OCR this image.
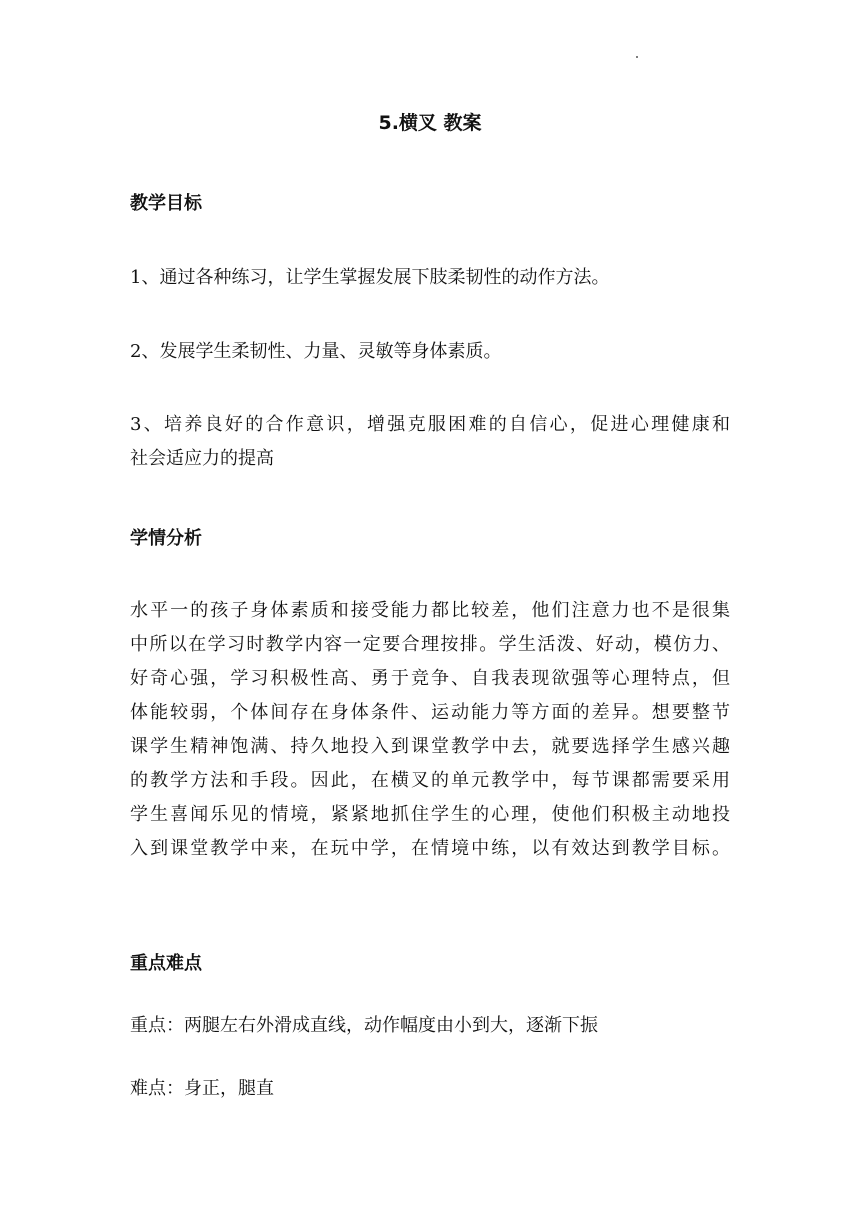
5.横叉 教案
教学目标
1、通过各种练习，让学生掌握发展下肢柔韧性的动作方法。
2、发展学生柔韧性、力量、灵敏等身体素质。
3、培养良好的合作意识，增强克服困难的自信心，促进心理健康和
社会适应力的提高
学情分析
水平一的孩子身体素质和接受能力都比较差，他们注意力也不是很集
中所以在学习时教学内容一定要合理按排。学生活泼、好动，模仿力、
好奇心强，学习积极性高、勇于竞争、自我表现欲强等心理特点，但
体能较弱，个体间存在身体条件、运动能力等方面的差异。想要整节
课学生精神饱满、持久地投入到课堂教学中去，就要选择学生感兴趣
的教学方法和手段。因此，在横叉的单元教学中，每节课都需要采用
学生喜闻乐见的情境，紧紧地抓住学生的心理，使他们积极主动地投
入到课堂教学中来，在玩中学，在情境中练，以有效达到教学目标。
重点难点
重点：两腿左右外滑成直线，动作幅度由小到大，逐渐下振
难点：身正，腿直
